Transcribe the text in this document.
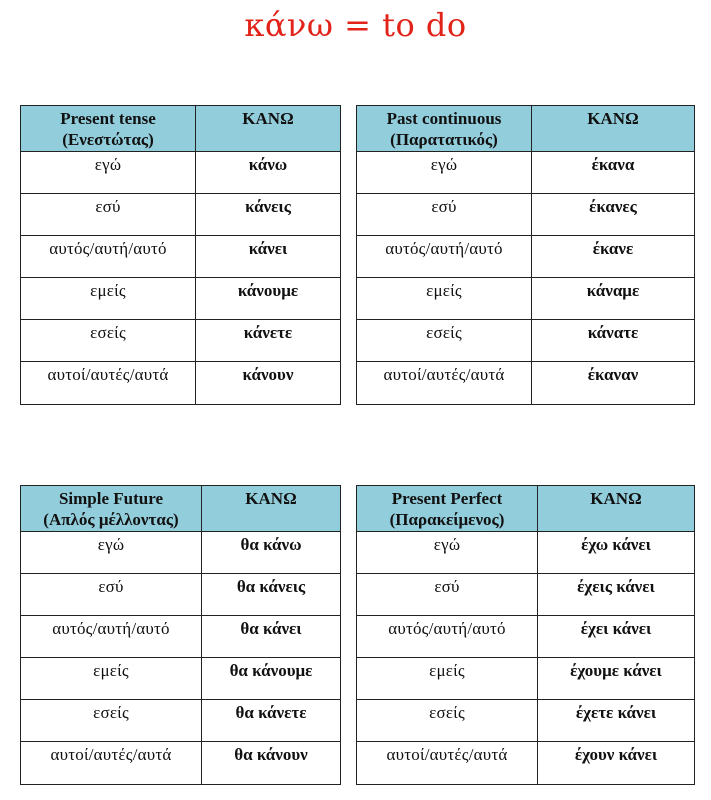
κάνω = to do
Present tense
(Ενεστώτας)	ΚΑΝΩ
εγώ	κάνω
εσύ	κάνεις
αυτός/αυτή/αυτό	κάνει
εμείς	κάνουμε
εσείς	κάνετε
αυτοί/αυτές/αυτά	κάνουν
Past continuous
(Παρατατικός)	ΚΑΝΩ
εγώ	έκανα
εσύ	έκανες
αυτός/αυτή/αυτό	έκανε
εμείς	κάναμε
εσείς	κάνατε
αυτοί/αυτές/αυτά	έκαναν
Simple Future
(Απλός μέλλοντας)	ΚΑΝΩ
εγώ	θα κάνω
εσύ	θα κάνεις
αυτός/αυτή/αυτό	θα κάνει
εμείς	θα κάνουμε
εσείς	θα κάνετε
αυτοί/αυτές/αυτά	θα κάνουν
Present Perfect
(Παρακείμενος)	ΚΑΝΩ
εγώ	έχω κάνει
εσύ	έχεις κάνει
αυτός/αυτή/αυτό	έχει κάνει
εμείς	έχουμε κάνει
εσείς	έχετε κάνει
αυτοί/αυτές/αυτά	έχουν κάνει
